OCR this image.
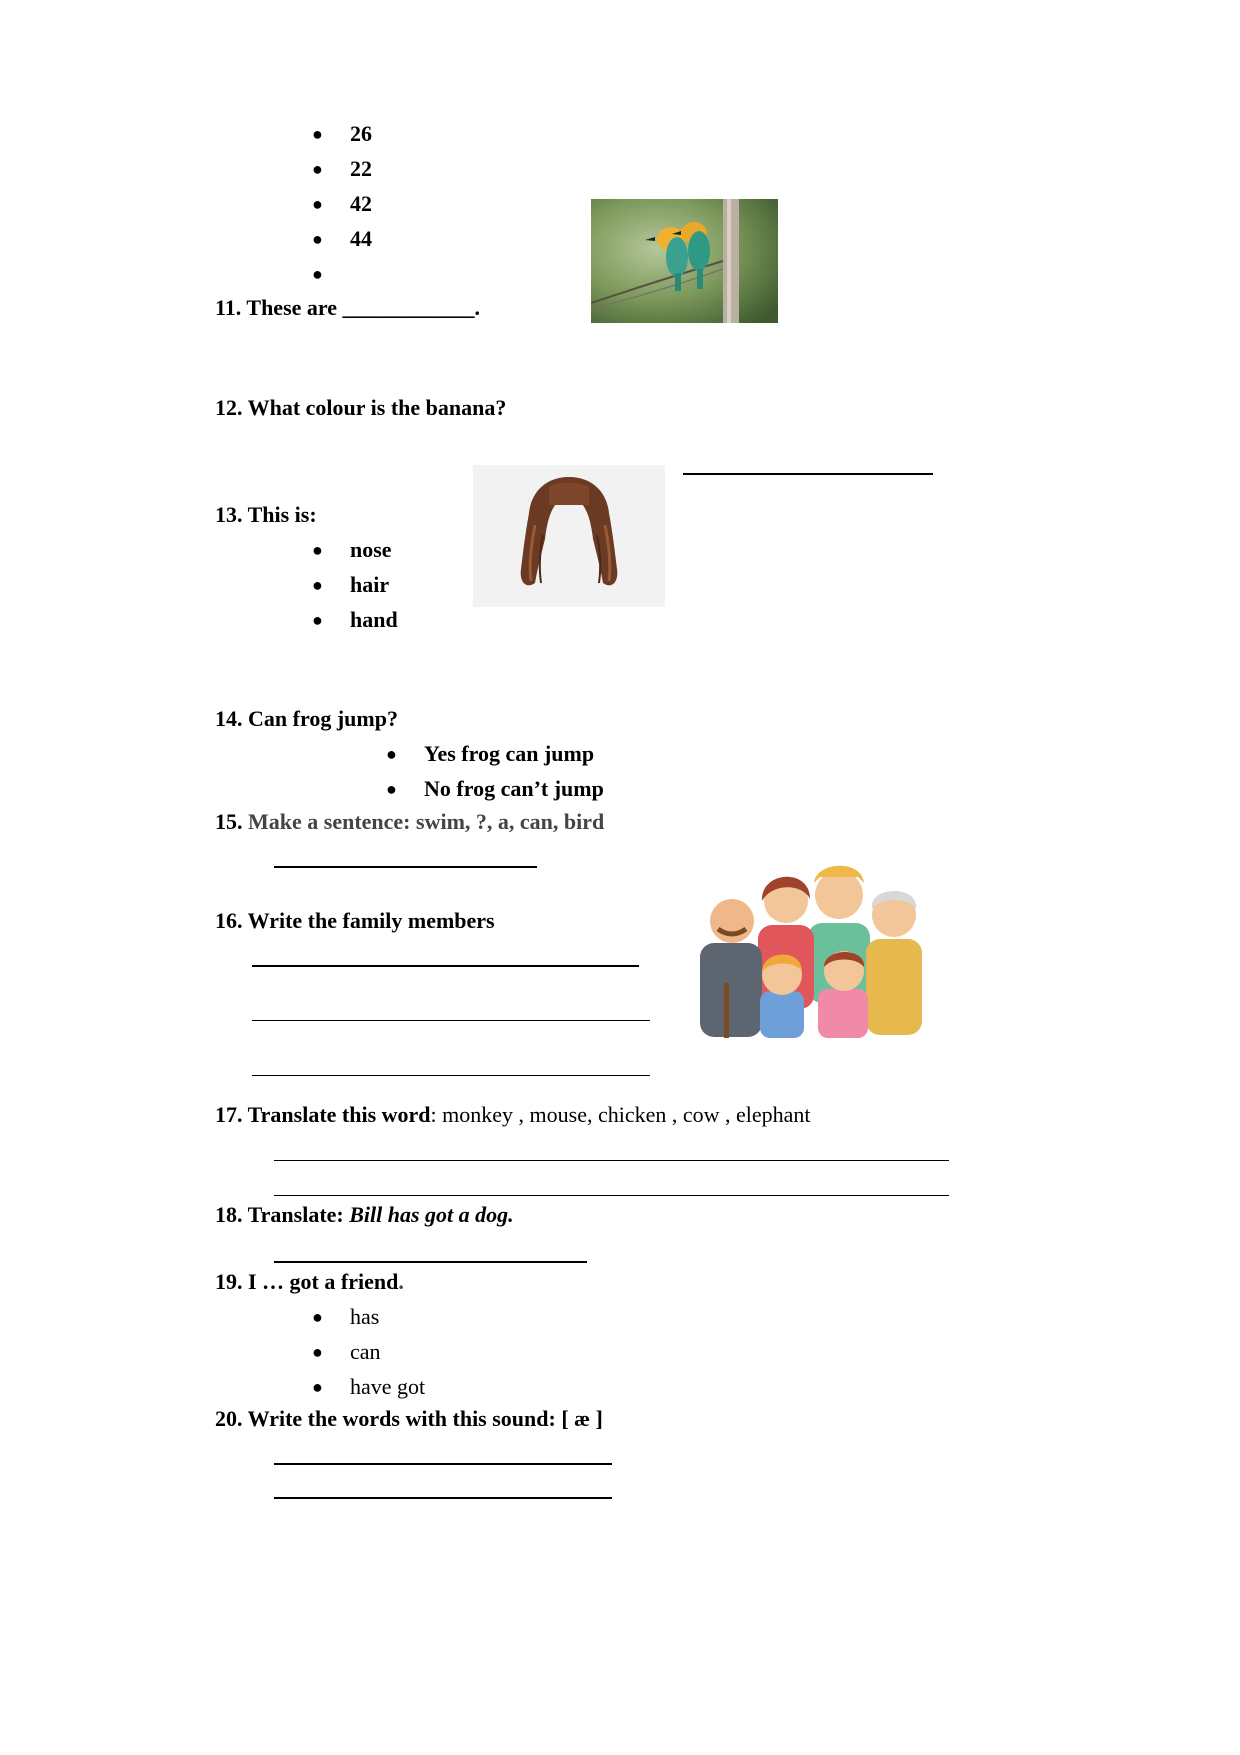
● 26
● 22
● 42
● 44
●
11. These are ____________.
12. What colour is the banana?
13. This is:
● nose
● hair
● hand
14. Can frog jump?
● Yes frog can jump
● No frog can’t jump
15. Make a sentence: swim, ?, a, can, bird
16. Write the family members
17. Translate this word: monkey , mouse, chicken , cow , elephant
18. Translate: Bill has got a dog.
19. I … got a friend.
● has
● can
● have got
20. Write the words with this sound: [ æ ]
